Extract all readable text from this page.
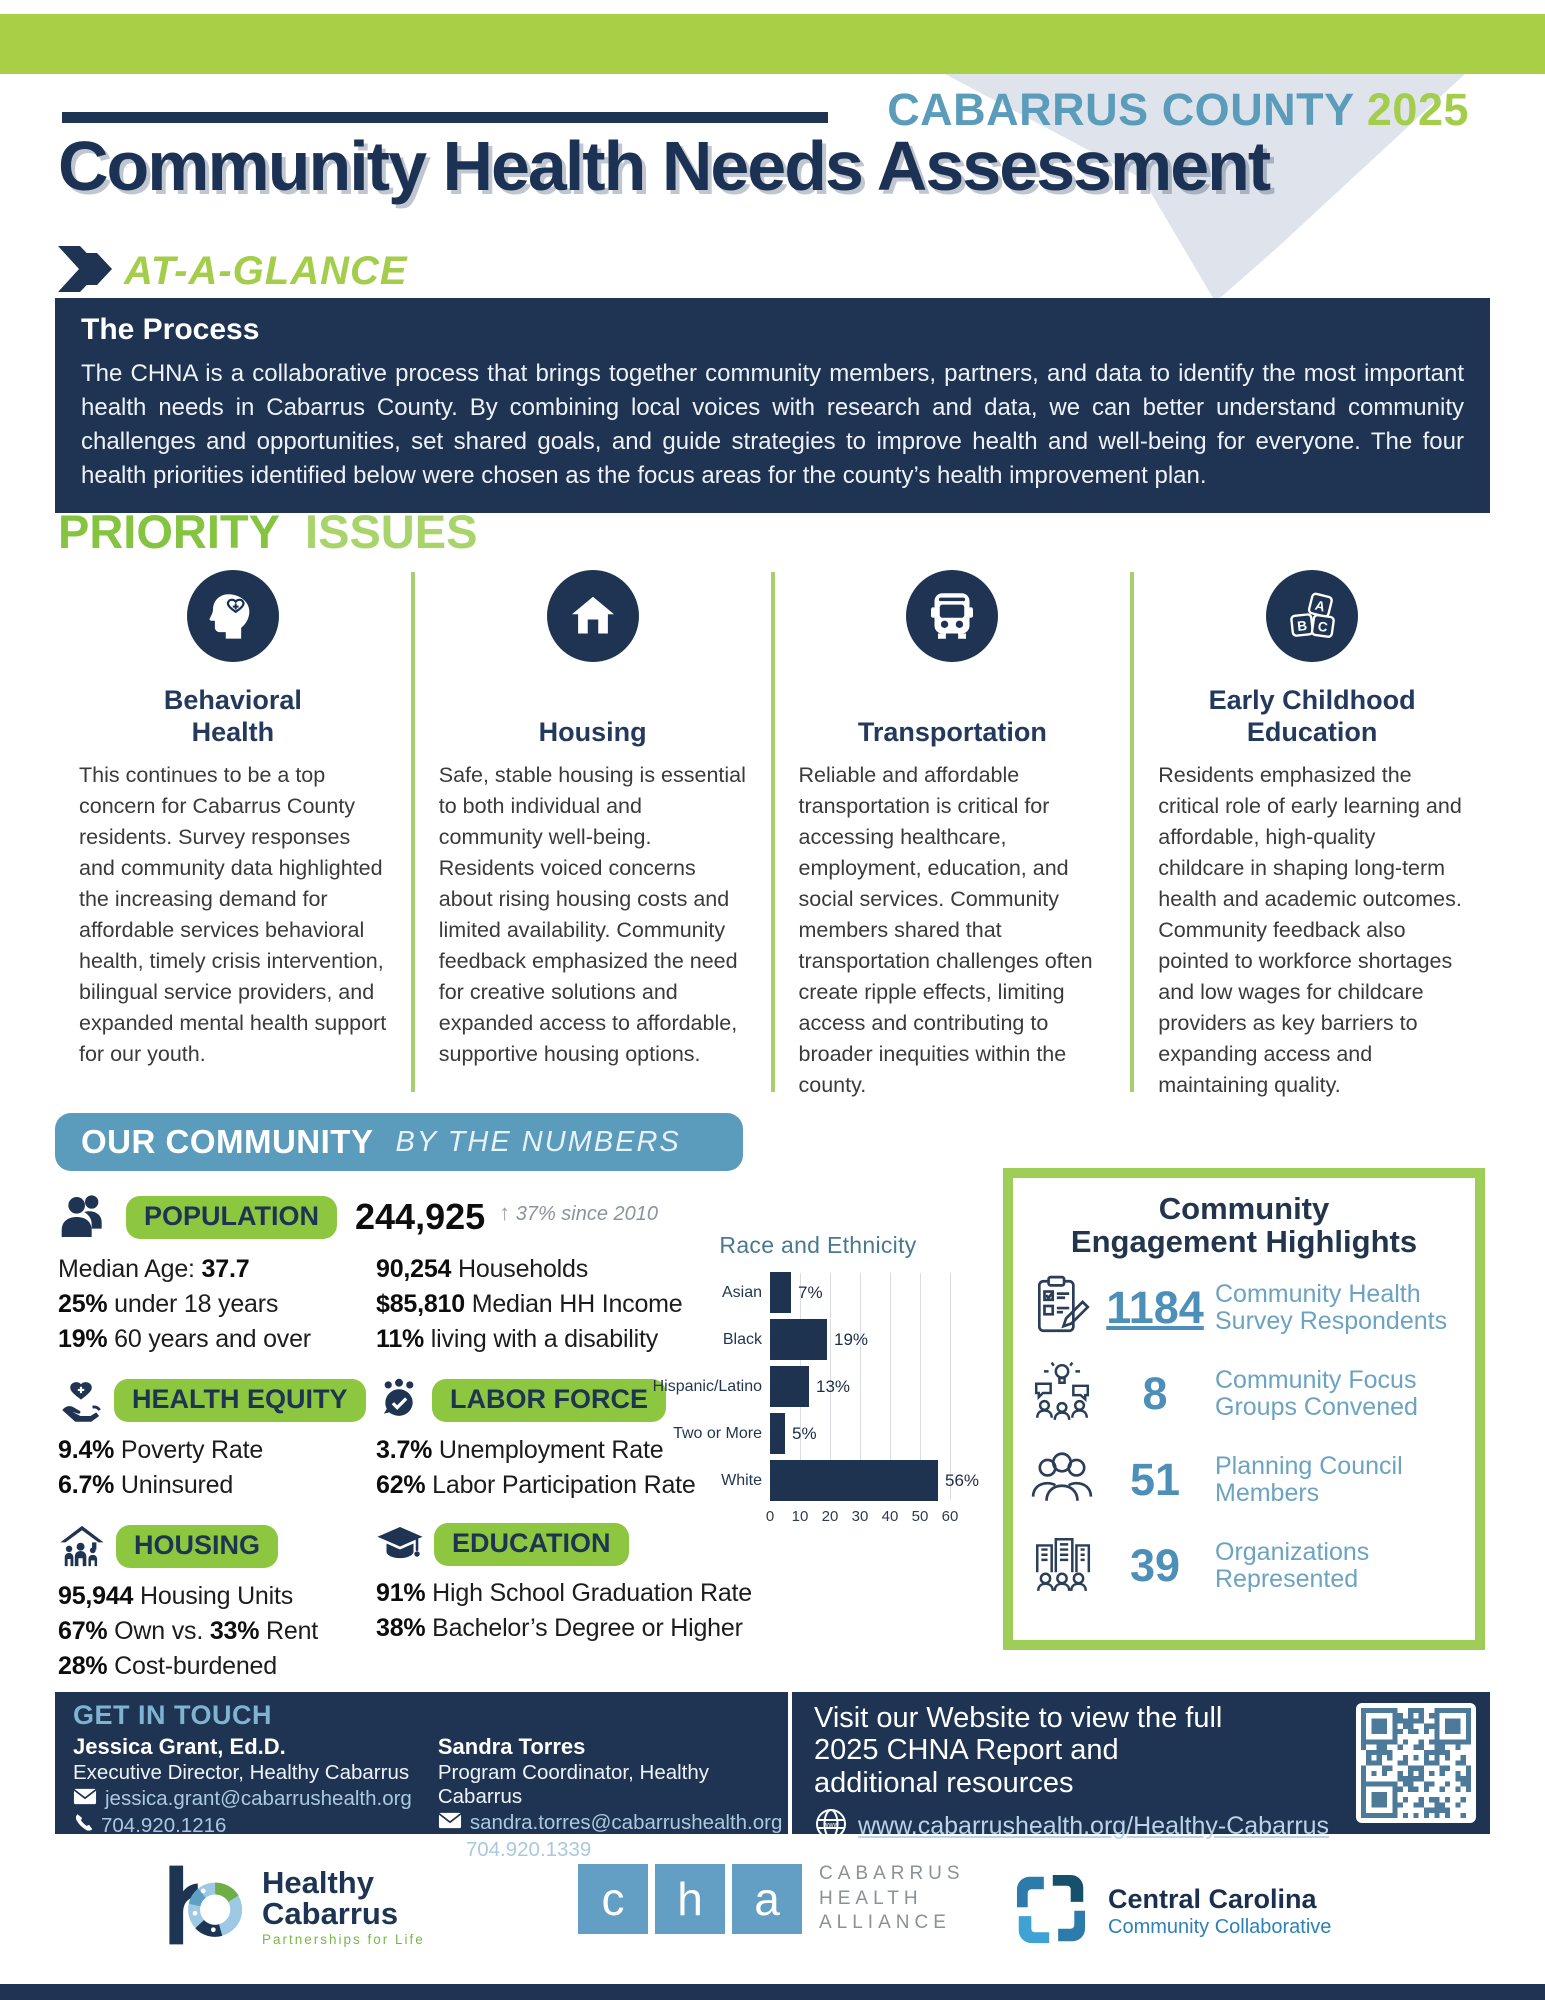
CABARRUS COUNTY 2025
Community Health Needs Assessment
AT-A-GLANCE
The Process

The CHNA is a collaborative process that brings together community members, partners, and data to identify the most important health needs in Cabarrus County. By combining local voices with research and data, we can better understand community challenges and opportunities, set shared goals, and guide strategies to improve health and well-being for everyone. The four health priorities identified below were chosen as the focus areas for the county’s health improvement plan.

PRIORITY ISSUES
Behavioral
Health
This continues to be a top concern for Cabarrus County residents. Survey responses and community data highlighted the increasing demand for affordable services behavioral health, timely crisis intervention, bilingual service providers, and expanded mental health support for our youth.
Housing
Safe, stable housing is essential to both individual and community well-being. Residents voiced concerns about rising housing costs and limited availability. Community feedback emphasized the need for creative solutions and expanded access to affordable, supportive housing options.
Transportation
Reliable and affordable transportation is critical for accessing healthcare, employment, education, and social services. Community members shared that transportation challenges often create ripple effects, limiting access and contributing to broader inequities within the county.
A
B C
Early Childhood
Education
Residents emphasized the critical role of early learning and affordable, high-quality childcare in shaping long-term health and academic outcomes. Community feedback also pointed to workforce shortages and low wages for childcare providers as key barriers to expanding access and maintaining quality.
OUR COMMUNITY BY THE NUMBERS
POPULATION	244,925 ↑ 37% since 2010
Median Age: 37.7
25% under 18 years
19% 60 years and over
90,254 Households
$85,810 Median HH Income
11% living with a disability
HEALTH EQUITY
9.4% Poverty Rate
6.7% Uninsured
LABOR FORCE
3.7% Unemployment Rate
62% Labor Participation Rate
HOUSING
95,944 Housing Units
67% Own vs. 33% Rent
28% Cost-burdened
EDUCATION
91% High School Graduation Rate
38% Bachelor’s Degree or Higher
Race and Ethnicity
Asian	7%
Black	19%
Hispanic/Latino	13%
Two or More	5%
White	56%
0 10 20 30 40 50 60
Community
Engagement Highlights
1184 Community Health
Survey Respondents
8	Community Focus
Groups Convened
51	Planning Council
Members
39	Organizations
Represented
GET IN TOUCH
Jessica Grant, Ed.D.
Executive Director, Healthy Cabarrus
jessica.grant@cabarrushealth.org
704.920.1216
Sandra Torres
Program Coordinator, Healthy Cabarrus
sandra.torres@cabarrushealth.org
704.920.1339
Visit our Website to view the full
2025 CHNA Report and
additional resources
www www.cabarrushealth.org/Healthy-Cabarrus
Healthy
Cabarrus
Partnerships for Life
c	h	a	CABARRUS
HEALTH
ALLIANCE
Central Carolina
Community Collaborative
